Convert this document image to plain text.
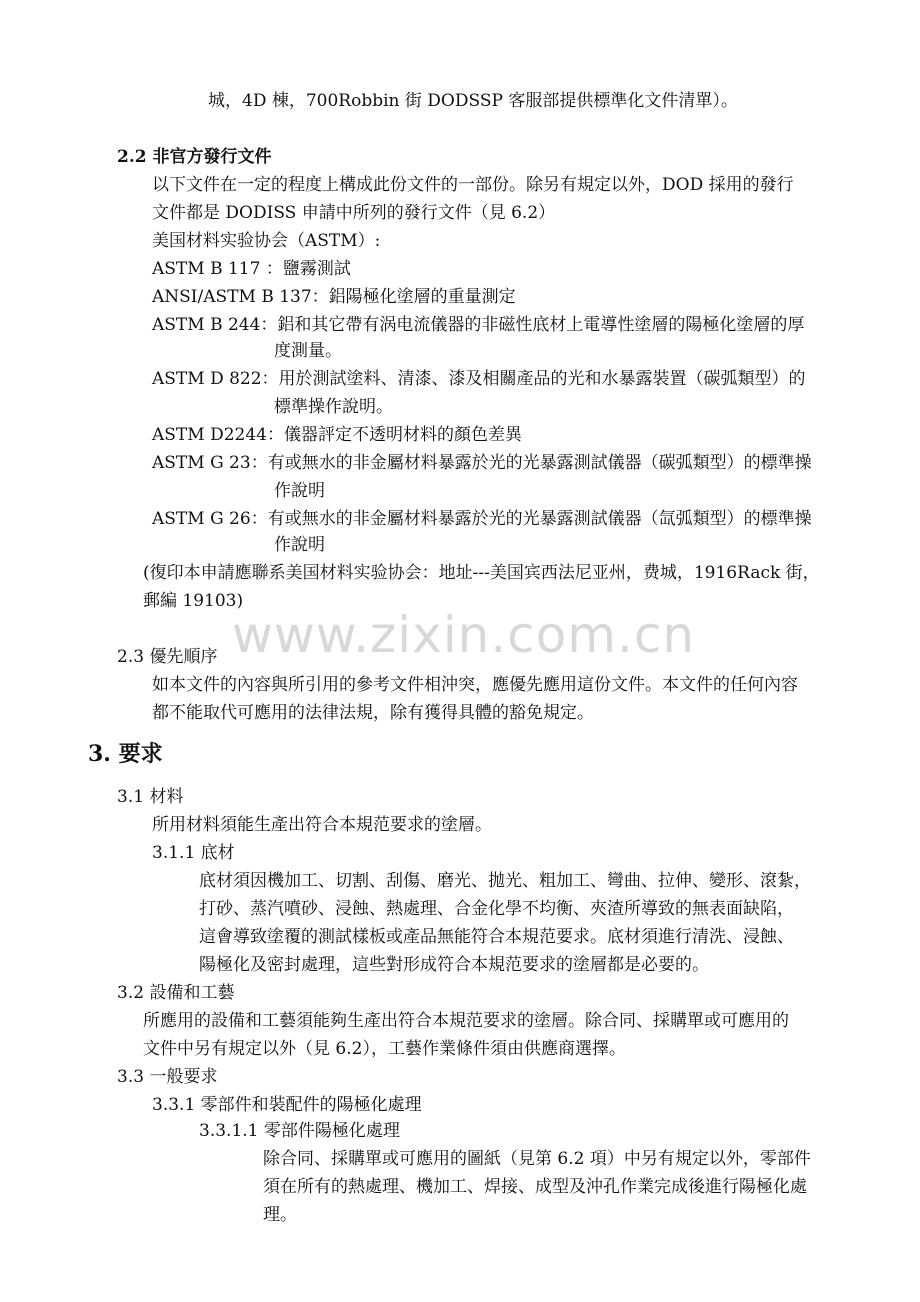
www.zixin.com.cn
城，4D 棟，700Robbin 街 DODSSP 客服部提供標準化文件清單）。
2.2 非官方發行文件
以下文件在一定的程度上構成此份文件的一部份。除另有規定以外，DOD 採用的發行
文件都是 DODISS 申請中所列的發行文件（見 6.2）
美国材料实验协会（ASTM）:
ASTM B 117 ：鹽霧測試
ANSI/ASTM B 137：鋁陽極化塗層的重量測定
ASTM B 244：鋁和其它帶有涡电流儀器的非磁性底材上電導性塗層的陽極化塗層的厚
度測量。
ASTM D 822：用於測試塗料、清漆、漆及相關產品的光和水暴露裝置（碳弧類型）的
標準操作說明。
ASTM D2244：儀器評定不透明材料的顏色差異
ASTM G 23：有或無水的非金屬材料暴露於光的光暴露測試儀器（碳弧類型）的標準操
作說明
ASTM G 26：有或無水的非金屬材料暴露於光的光暴露測試儀器（氙弧類型）的標準操
作說明
(復印本申請應聯系美国材料实验协会：地址---美国宾西法尼亚州，费城，1916Rack 街，
郵編 19103)
2.3 優先順序
如本文件的內容與所引用的參考文件相沖突，應優先應用這份文件。本文件的任何內容
都不能取代可應用的法律法規，除有獲得具體的豁免規定。
3. 要求
3.1 材料
所用材料須能生產出符合本規范要求的塗層。
3.1.1 底材
底材須因機加工、切割、刮傷、磨光、拋光、粗加工、彎曲、拉伸、變形、滾紮，
打砂、蒸汽噴砂、浸蝕、熱處理、合金化學不均衡、夾渣所導致的無表面缺陷，
這會導致塗覆的測試樣板或產品無能符合本規范要求。底材須進行清洗、浸蝕、
陽極化及密封處理，這些對形成符合本規范要求的塗層都是必要的。
3.2 設備和工藝
所應用的設備和工藝須能夠生產出符合本規范要求的塗層。除合同、採購單或可應用的
文件中另有規定以外（見 6.2），工藝作業條件須由供應商選擇。
3.3 一般要求
3.3.1 零部件和裝配件的陽極化處理
3.3.1.1 零部件陽極化處理
除合同、採購單或可應用的圖紙（見第 6.2 項）中另有規定以外，零部件
須在所有的熱處理、機加工、焊接、成型及沖孔作業完成後進行陽極化處
理。
